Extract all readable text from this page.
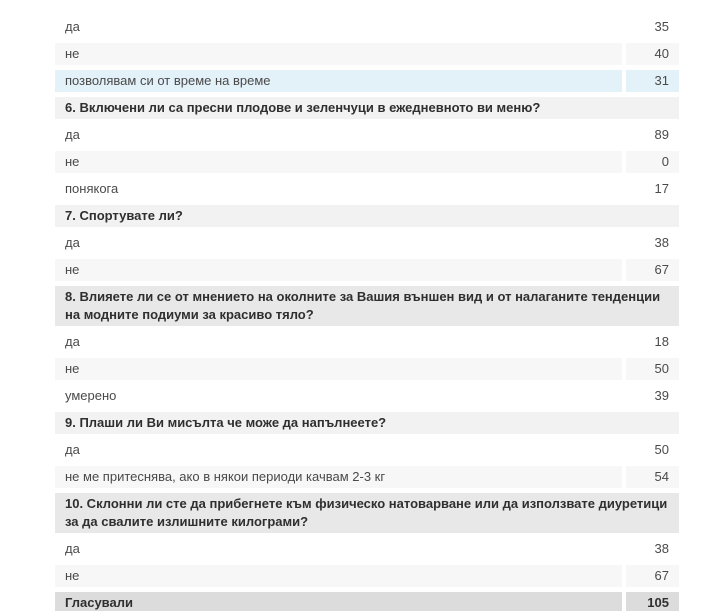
да	35
не	40
позволявам си от време на време	31
6. Включени ли са пресни плодове и зеленчуци в ежедневното ви меню?
да	89
не	0
понякога	17
7. Спортувате ли?
да	38
не	67
8. Влияете ли се от мнението на околните за Вашия външен вид и от налаганите тенденции на модните подиуми за красиво тяло?
да	18
не	50
умерено	39
9. Плаши ли Ви мисълта че може да напълнеете?
да	50
не ме притеснява, ако в някои периоди качвам 2-3 кг	54
10. Склонни ли сте да прибегнете към физическо натоварване или да използвате диуретици за да свалите излишните килограми?
да	38
не	67
Гласували	105
